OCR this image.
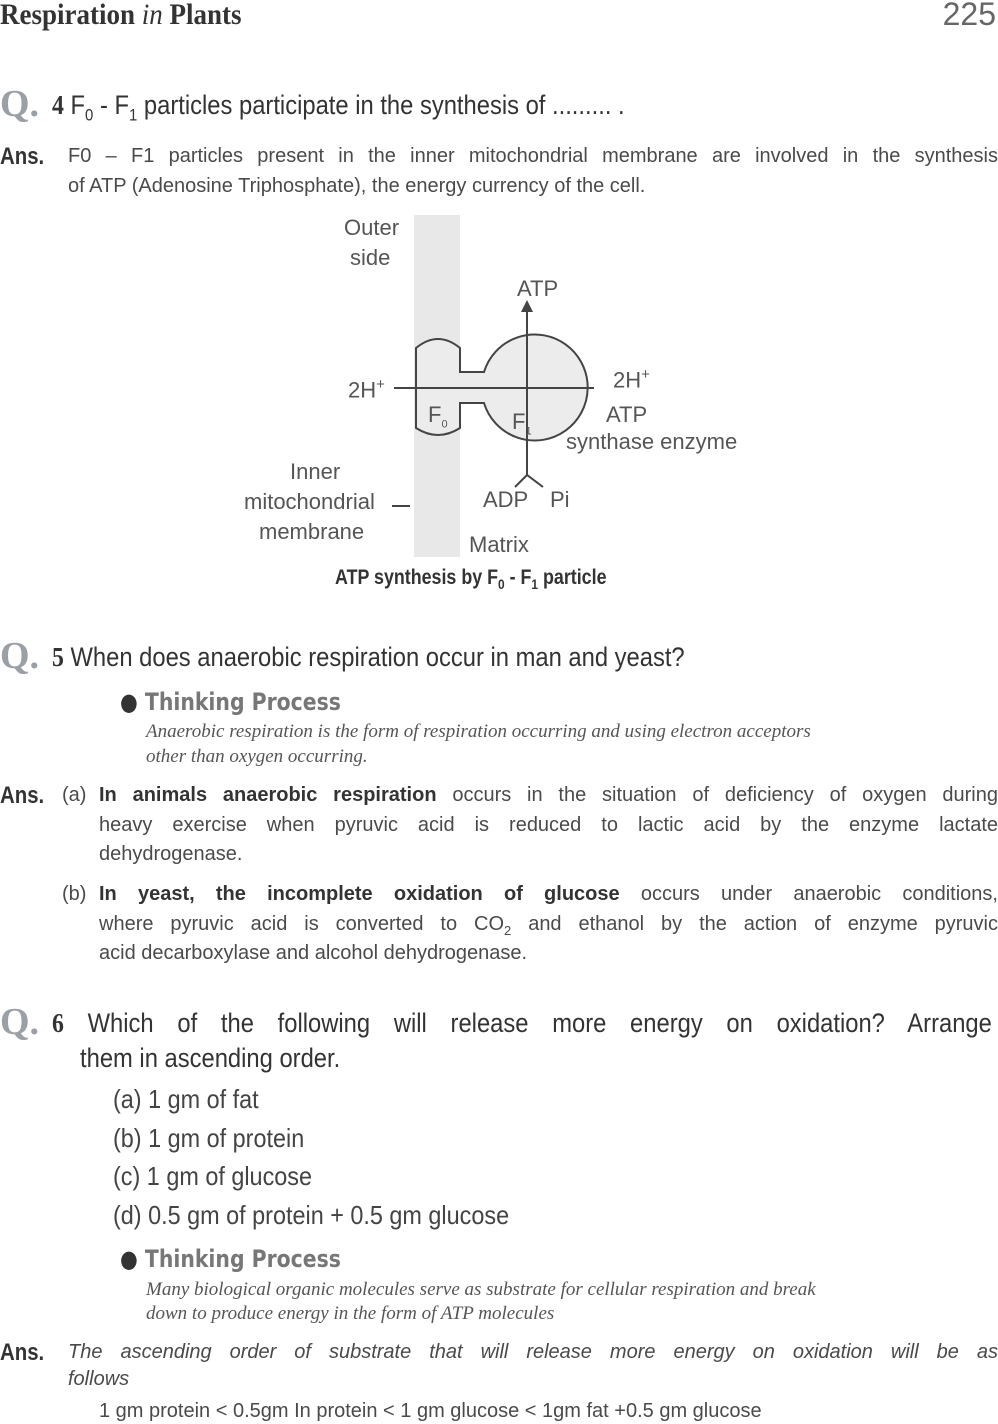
Respiration in Plants	225
Q. 4 $F_0 - F_1$ particles participate in the synthesis of ......... .
Ans. F0 – F1 particles present in the inner mitochondrial membrane are involved in the synthesis
of ATP (Adenosine Triphosphate), the energy currency of the cell.
Outer
side
ATP
2H+	2H+
$F_0$	$F_1$
ATP
synthase enzyme
Inner
mitochondrial
membrane
ADP Pi
Matrix
ATP synthesis by $F_0 - F_1$ particle
Q. 5 When does anaerobic respiration occur in man and yeast?
● Thinking Process
Anaerobic respiration is the form of respiration occurring and using electron acceptors
other than oxygen occurring.
Ans. (a) In animals anaerobic respiration occurs in the situation of deficiency of oxygen during
heavy exercise when pyruvic acid is reduced to lactic acid by the enzyme lactate
dehydrogenase.
(b) In yeast, the incomplete oxidation of glucose occurs under anaerobic conditions,
where pyruvic acid is converted to $CO_2$ and ethanol by the action of enzyme pyruvic
acid decarboxylase and alcohol dehydrogenase.
Q. 6 Which of the following will release more energy on oxidation? Arrange
them in ascending order.
(a) 1 gm of fat
(b) 1 gm of protein
(c) 1 gm of glucose
(d) 0.5 gm of protein + 0.5 gm glucose
● Thinking Process
Many biological organic molecules serve as substrate for cellular respiration and break
down to produce energy in the form of ATP molecules
Ans. The ascending order of substrate that will release more energy on oxidation will be as
follows
1 gm protein < 0.5gm In protein < 1 gm glucose < 1gm fat +0.5 gm glucose
